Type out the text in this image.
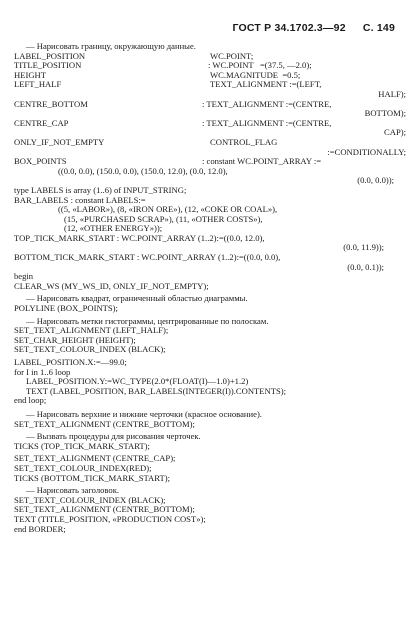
ГОСТ Р 34.1702.3—92 С. 149
— Нарисовать границу, окружающую данные.
LABEL_POSITION	WC.POINT;
TITLE_POSITION	: WC.POINT   =(37.5, —2.0);
HEIGHT	WC.MAGNITUDE  =0.5;
LEFT_HALF	TEXT_ALIGNMENT :=(LEFT,
HALF);
CENTRE_BOTTOM	: TEXT_ALIGNMENT :=(CENTRE,
BOTTOM);
CENTRE_CAP	: TEXT_ALIGNMENT :=(CENTRE,
CAP);
ONLY_IF_NOT_EMPTY	CONTROL_FLAG
:=CONDITIONALLY;
BOX_POINTS	: constant WC.POINT_ARRAY :=
((0.0, 0.0), (150.0, 0.0), (150.0, 12.0), (0.0, 12.0),
(0.0, 0.0));
type LABELS is array (1..6) of INPUT_STRING;
BAR_LABELS : constant LABELS:=
((5, «LABOR»), (8, «IRON ORE»), (12, «COKE OR COAL»),
(15, «PURCHASED SCRAP»), (11, «OTHER COSTS»),
(12, «OTHER ENERGY»));
TOP_TICK_MARK_START : WC.POINT_ARRAY (1..2):=((0.0, 12.0),
(0.0, 11.9));
BOTTOM_TICK_MARK_START : WC.POINT_ARRAY (1..2):=((0.0, 0.0),
(0.0, 0.1));
begin
CLEAR_WS (MY_WS_ID, ONLY_IF_NOT_EMPTY);
— Нарисовать квадрат, ограниченный областью диаграммы.
POLYLINE (BOX_POINTS);
— Нарисовать метки гистограммы, центрированные по полоскам.
SET_TEXT_ALIGNMENT (LEFT_HALF);
SET_CHAR_HEIGHT (HEIGHT);
SET_TEXT_COLOUR_INDEX (BLACK);
LABEL_POSITION.X:=—99.0;
for I in 1..6 loop
LABEL_POSITION.Y:=WC_TYPE(2.0*(FLOAT(I)—1.0)+1.2)
TEXT (LABEL_POSITION, BAR_LABELS(INTEGER(I)).CONTENTS);
end loop;
— Нарисовать верхние и нижние черточки (красное основание).
SET_TEXT_ALIGNMENT (CENTRE_BOTTOM);
— Вызвать процедуры для рисования черточек.
TICKS (TOP_TICK_MARK_START);
SET_TEXT_ALIGNMENT (CENTRE_CAP);
SET_TEXT_COLOUR_INDEX(RED);
TICKS (BOTTOM_TICK_MARK_START);
— Нарисовать заголовок.
SET_TEXT_COLOUR_INDEX (BLACK);
SET_TEXT_ALIGNMENT (CENTRE_BOTTOM);
TEXT (TITLE_POSITION, «PRODUCTION COST»);
end BORDER;
